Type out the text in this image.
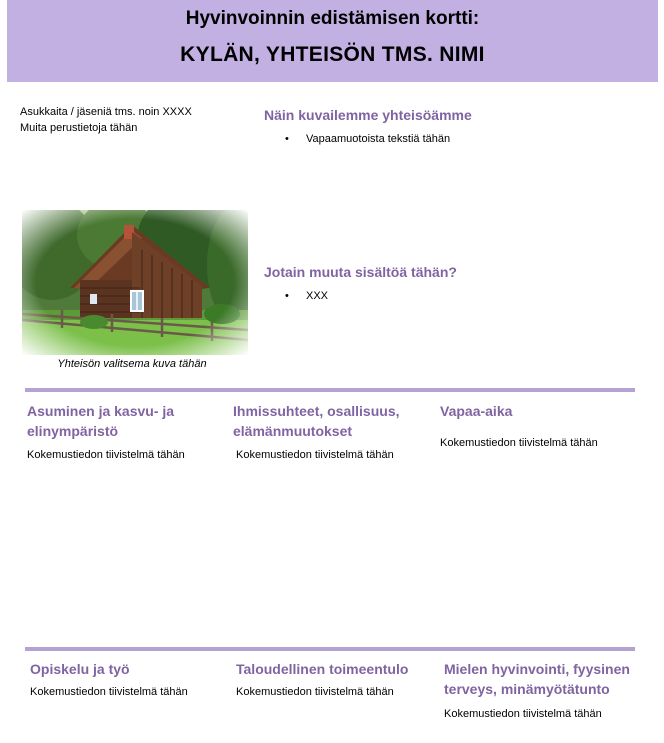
Hyvinvoinnin edistämisen kortti:
KYLÄN, YHTEISÖN TMS. NIMI
Asukkaita / jäseniä tms. noin XXXX
Muita perustietoja tähän
Näin kuvailemme yhteisöämme
• Vapaamuotoista tekstiä tähän
Yhteisön valitsema kuva tähän
Jotain muuta sisältöä tähän?
• XXX
Asuminen ja kasvu- ja
elinympäristö
Kokemustiedon tiivistelmä tähän
Ihmissuhteet, osallisuus,
elämänmuutokset
Kokemustiedon tiivistelmä tähän
Vapaa-aika
Kokemustiedon tiivistelmä tähän
Opiskelu ja työ
Kokemustiedon tiivistelmä tähän
Taloudellinen toimeentulo
Kokemustiedon tiivistelmä tähän
Mielen hyvinvointi, fyysinen
terveys, minämyötätunto
Kokemustiedon tiivistelmä tähän
